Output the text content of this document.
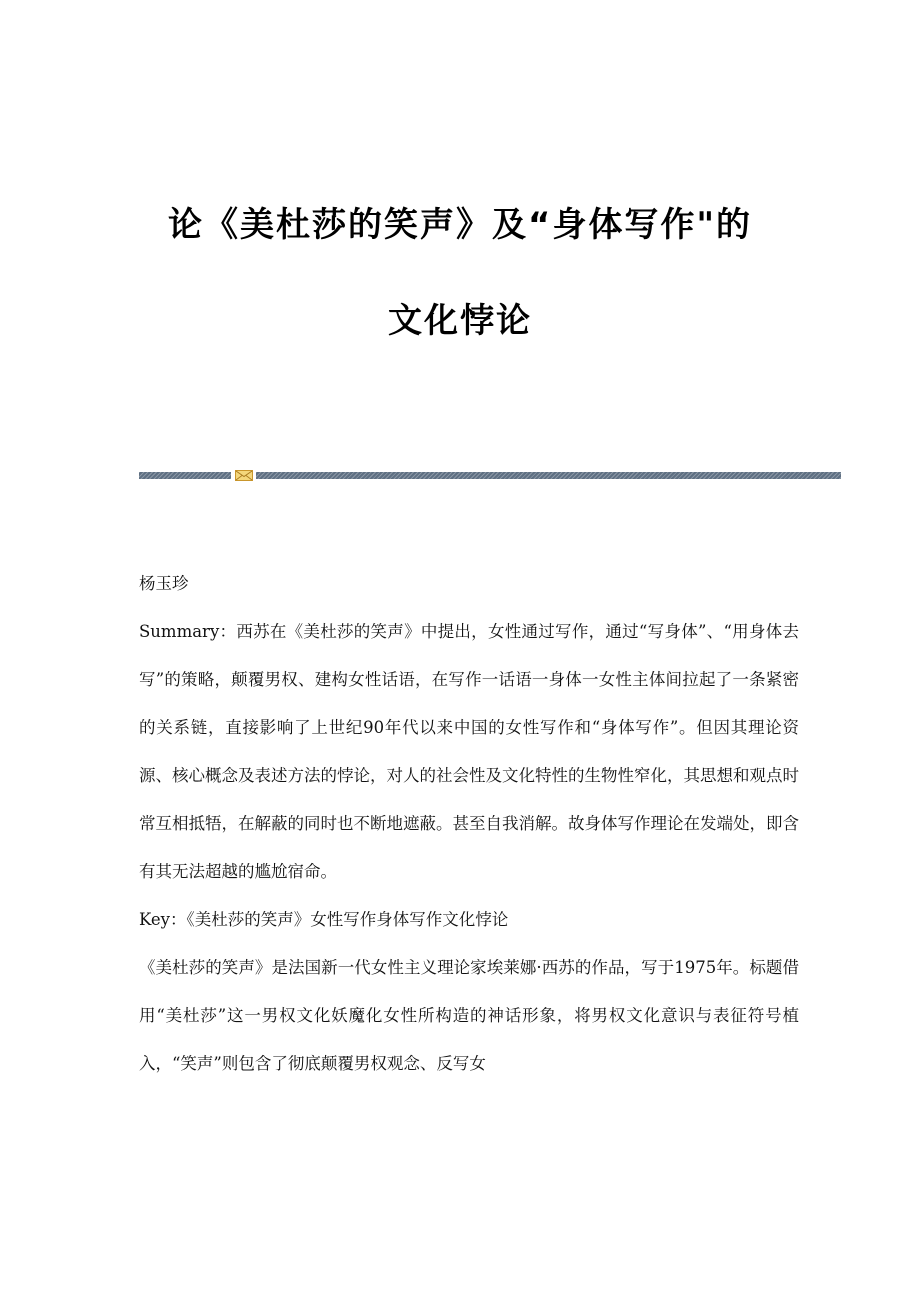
论《美杜莎的笑声》及“身体写作"的
文化悖论

杨玉珍

Summary：西苏在《美杜莎的笑声》中提出，女性通过写作，通过“写身体”、“用身体去写”的策略，颠覆男权、建构女性话语，在写作一话语一身体一女性主体间拉起了一条紧密的关系链，直接影响了上世纪90年代以来中国的女性写作和“身体写作”。但因其理论资源、核心概念及表述方法的悖论，对人的社会性及文化特性的生物性窄化，其思想和观点时常互相抵牾，在解蔽的同时也不断地遮蔽。甚至自我消解。故身体写作理论在发端处，即含有其无法超越的尴尬宿命。

Key：《美杜莎的笑声》女性写作身体写作文化悖论

《美杜莎的笑声》是法国新一代女性主义理论家埃莱娜·西苏的作品，写于1975年。标题借用“美杜莎”这一男权文化妖魔化女性所构造的神话形象，将男权文化意识与表征符号植入，“笑声”则包含了彻底颠覆男权观念、反写女
